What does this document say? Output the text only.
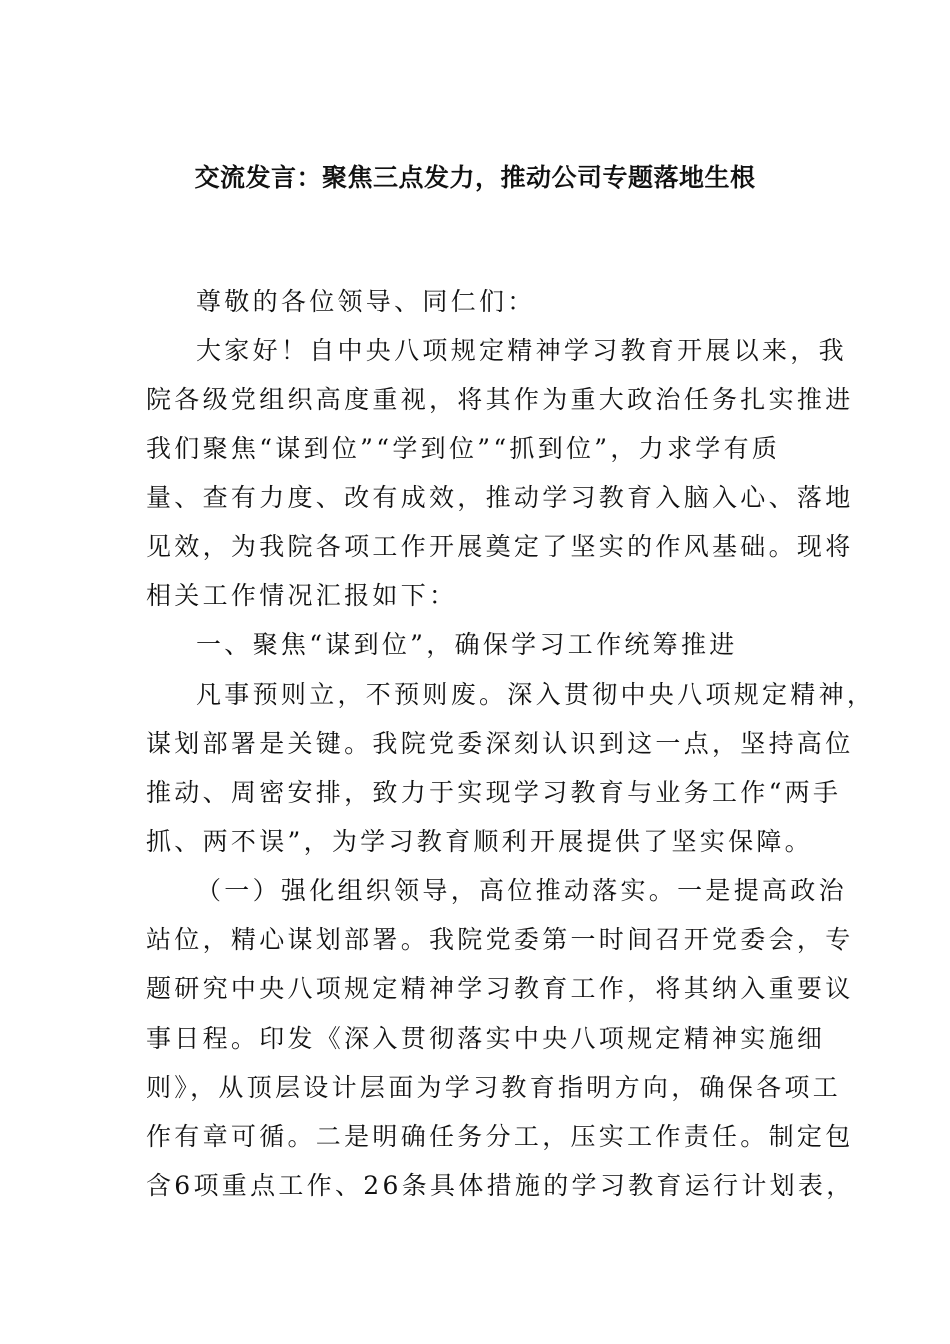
交流发言：聚焦三点发力，推动公司专题落地生根
尊敬的各位领导、同仁们：
大家好！自中央八项规定精神学习教育开展以来，我
院各级党组织高度重视，将其作为重大政治任务扎实推进
我们聚焦“谋到位”“学到位”“抓到位”，力求学有质
量、查有力度、改有成效，推动学习教育入脑入心、落地
见效，为我院各项工作开展奠定了坚实的作风基础。现将
相关工作情况汇报如下：
一、聚焦“谋到位”，确保学习工作统筹推进
凡事预则立，不预则废。深入贯彻中央八项规定精神，
谋划部署是关键。我院党委深刻认识到这一点，坚持高位
推动、周密安排，致力于实现学习教育与业务工作“两手
抓、两不误”，为学习教育顺利开展提供了坚实保障。
（一）强化组织领导，高位推动落实。一是提高政治
站位，精心谋划部署。我院党委第一时间召开党委会，专
题研究中央八项规定精神学习教育工作，将其纳入重要议
事日程。印发《深入贯彻落实中央八项规定精神实施细
则》，从顶层设计层面为学习教育指明方向，确保各项工
作有章可循。二是明确任务分工，压实工作责任。制定包
含6项重点工作、26条具体措施的学习教育运行计划表，
